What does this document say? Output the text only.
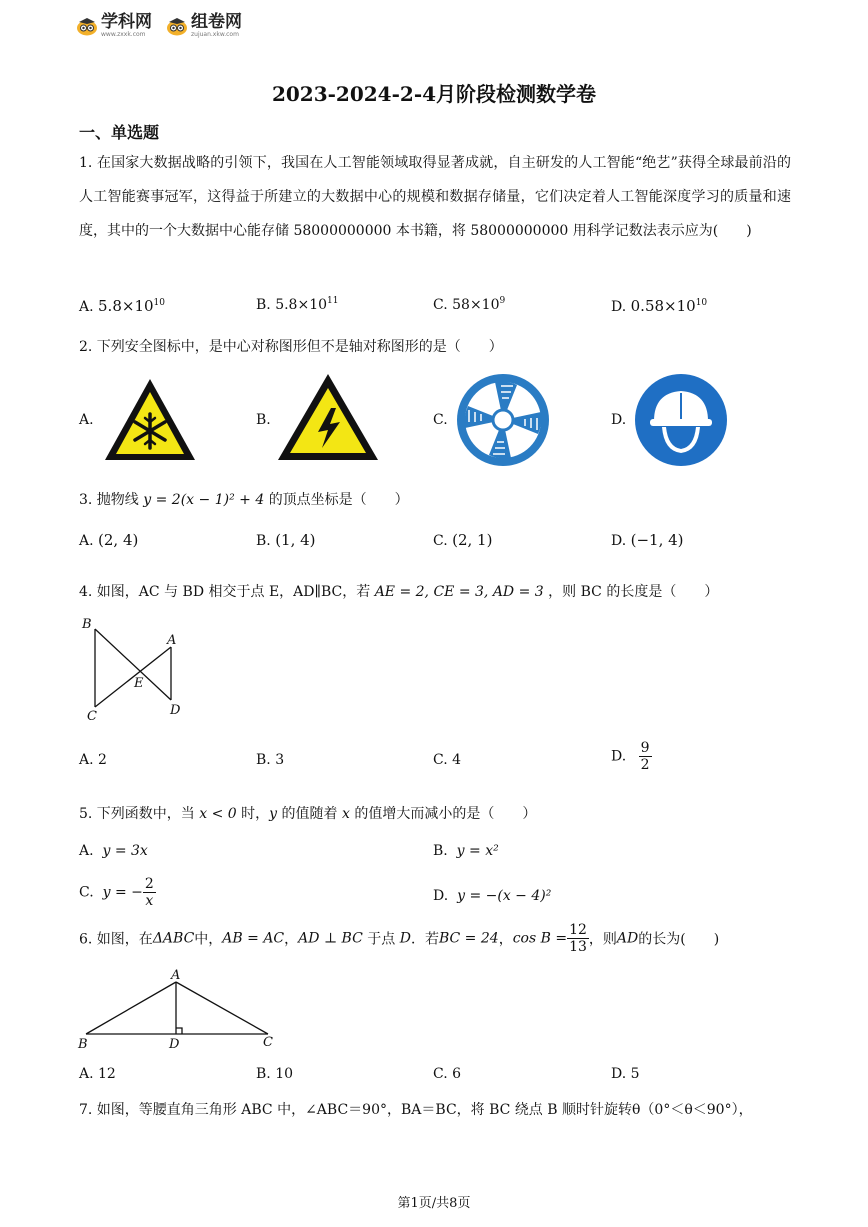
学科网
www.zxxk.com
组卷网
zujuan.xkw.com
2023-2024-2-4月阶段检测数学卷
一、单选题
1. 在国家大数据战略的引领下，我国在人工智能领域取得显著成就，自主研发的人工智能“绝艺”获得全球最前沿的人工智能赛事冠军，这得益于所建立的大数据中心的规模和数据存储量，它们决定着人工智能深度学习的质量和速度，其中的一个大数据中心能存储 58000000000 本书籍，将 58000000000 用科学记数法表示应为(　　)
A. $5.8\times 10^{10}$	B. $5.8\times 10^{11}$	C. $58\times 10^9$	D. $0.58\times 10^{10}$
2. 下列安全图标中，是中心对称图形但不是轴对称图形的是（　　）
A.	B.	C.	D.
3. 抛物线 y = 2(x − 1)² + 4 的顶点坐标是（　　）
A. (2, 4)	B. (1, 4)	C. (2, 1)	D. (−1, 4)
4. 如图，AC 与 BD 相交于点 E，AD∥BC，若 AE = 2, CE = 3, AD = 3 ，则 BC 的长度是（　　）
B
A
E
C	D
A. 2	B. 3	C. 4	D. $\frac{9}{2}$
5. 下列函数中，当 x < 0 时，y 的值随着 x 的值增大而减小的是（　　）
A. y = 3x	B. y = x²
C. y = − $\frac{2}{x}$	D. y = −(x − 4)²
6. 如图，在ΔABC中，AB = AC，AD ⊥ BC 于点 D．若BC = 24，$\cos B = \frac{12}{13}$ ，则AD的长为(　　)
A
B	D	C
A. 12	B. 10	C. 6	D. 5
7. 如图，等腰直角三角形 ABC 中，∠ABC＝90°，BA＝BC，将 BC 绕点 B 顺时针旋转θ（0°＜θ＜90°），
第1页/共8页
